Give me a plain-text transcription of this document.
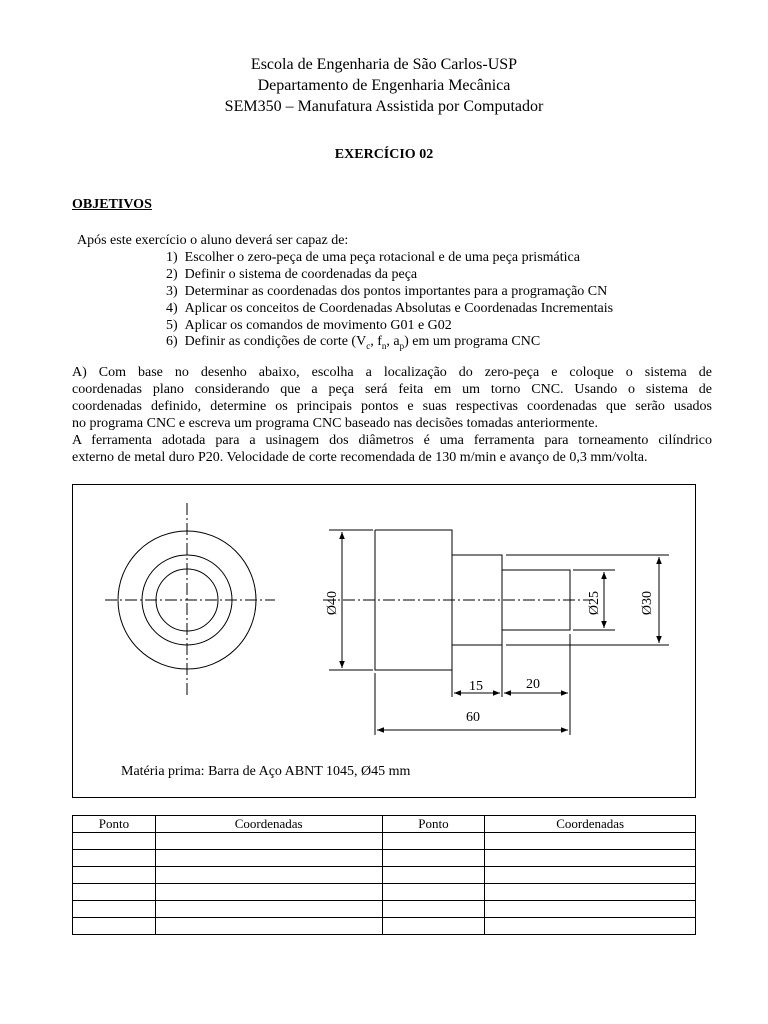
Escola de Engenharia de São Carlos-USP
Departamento de Engenharia Mecânica
SEM350 – Manufatura Assistida por Computador
EXERCÍCIO 02
OBJETIVOS
Após este exercício o aluno deverá ser capaz de:
1) Escolher o zero-peça de uma peça rotacional e de uma peça prismática
2) Definir o sistema de coordenadas da peça
3) Determinar as coordenadas dos pontos importantes para a programação CN
4) Aplicar os conceitos de Coordenadas Absolutas e Coordenadas Incrementais
5) Aplicar os comandos de movimento G01 e G02
6) Definir as condições de corte ($V_c$, $f_n$, $a_p$) em um programa CNC

A) Com base no desenho abaixo, escolha a localização do zero-peça e coloque o sistema de

coordenadas plano considerando que a peça será feita em um torno CNC. Usando o sistema de

coordenadas definido, determine os principais pontos e suas respectivas coordenadas que serão usados

no programa CNC e escreva um programa CNC baseado nas decisões tomadas anteriormente.

A ferramenta adotada para a usinagem dos diâmetros é uma ferramenta para torneamento cilíndrico

externo de metal duro P20. Velocidade de corte recomendada de 130 m/min e avanço de 0,3 mm/volta.

Ø40	Ø25	Ø30
15	20
60
Matéria prima: Barra de Aço ABNT 1045, Ø45 mm
Ponto	Coordenadas	Ponto	Coordenadas
